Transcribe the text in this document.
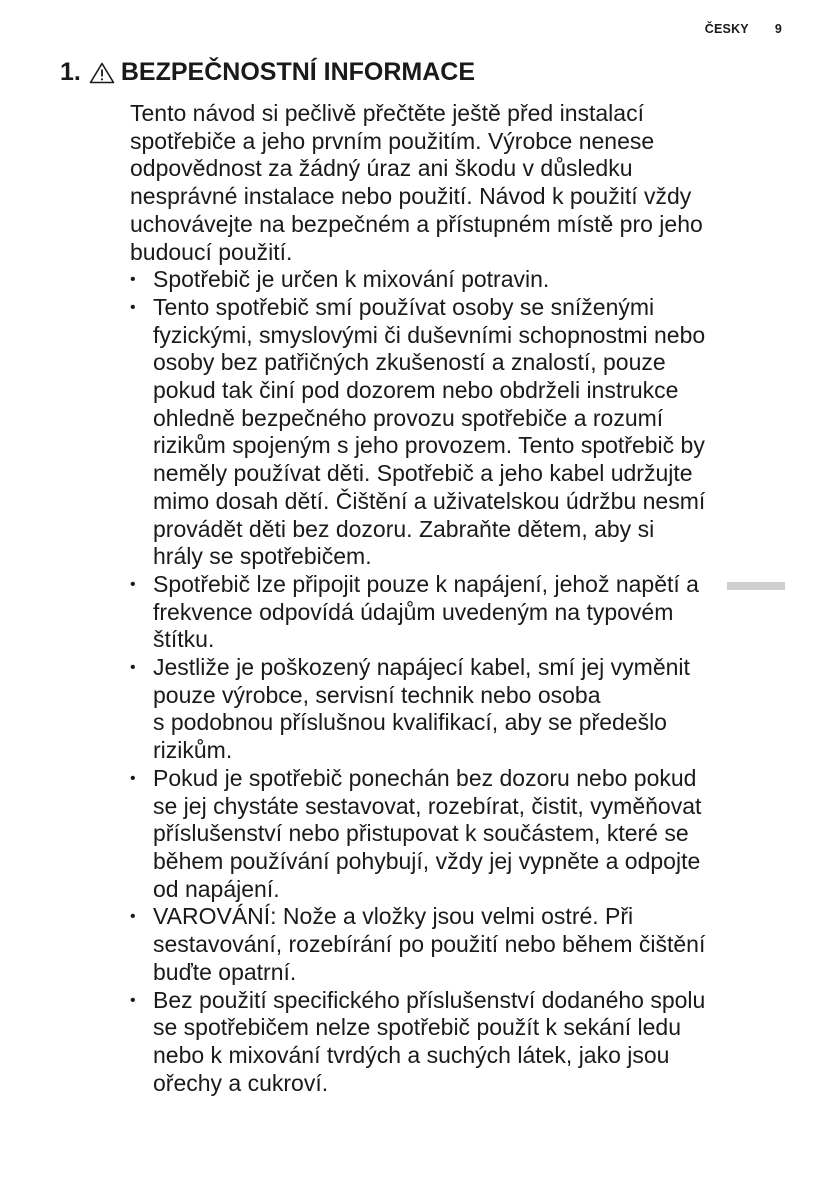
ČESKY 9
1. BEZPEČNOSTNÍ INFORMACE

Tento návod si pečlivě přečtěte ještě před instalací
spotřebiče a jeho prvním použitím. Výrobce nenese
odpovědnost za žádný úraz ani škodu v důsledku
nesprávné instalace nebo použití. Návod k použití vždy
uchovávejte na bezpečném a přístupném místě pro jeho
budoucí použití.

• Spotřebič je určen k mixování potravin.
• Tento spotřebič smí používat osoby se sníženými
fyzickými, smyslovými či duševními schopnostmi nebo
osoby bez patřičných zkušeností a znalostí, pouze
pokud tak činí pod dozorem nebo obdrželi instrukce
ohledně bezpečného provozu spotřebiče a rozumí
rizikům spojeným s jeho provozem. Tento spotřebič by
neměly používat děti. Spotřebič a jeho kabel udržujte
mimo dosah dětí. Čištění a uživatelskou údržbu nesmí
provádět děti bez dozoru. Zabraňte dětem, aby si
hrály se spotřebičem.
• Spotřebič lze připojit pouze k napájení, jehož napětí a
frekvence odpovídá údajům uvedeným na typovém
štítku.
• Jestliže je poškozený napájecí kabel, smí jej vyměnit
pouze výrobce, servisní technik nebo osoba
s podobnou příslušnou kvalifikací, aby se předešlo
rizikům.
• Pokud je spotřebič ponechán bez dozoru nebo pokud
se jej chystáte sestavovat, rozebírat, čistit, vyměňovat
příslušenství nebo přistupovat k součástem, které se
během používání pohybují, vždy jej vypněte a odpojte
od napájení.
• VAROVÁNÍ: Nože a vložky jsou velmi ostré. Při
sestavování, rozebírání po použití nebo během čištění
buďte opatrní.
• Bez použití specifického příslušenství dodaného spolu
se spotřebičem nelze spotřebič použít k sekání ledu
nebo k mixování tvrdých a suchých látek, jako jsou
ořechy a cukroví.
